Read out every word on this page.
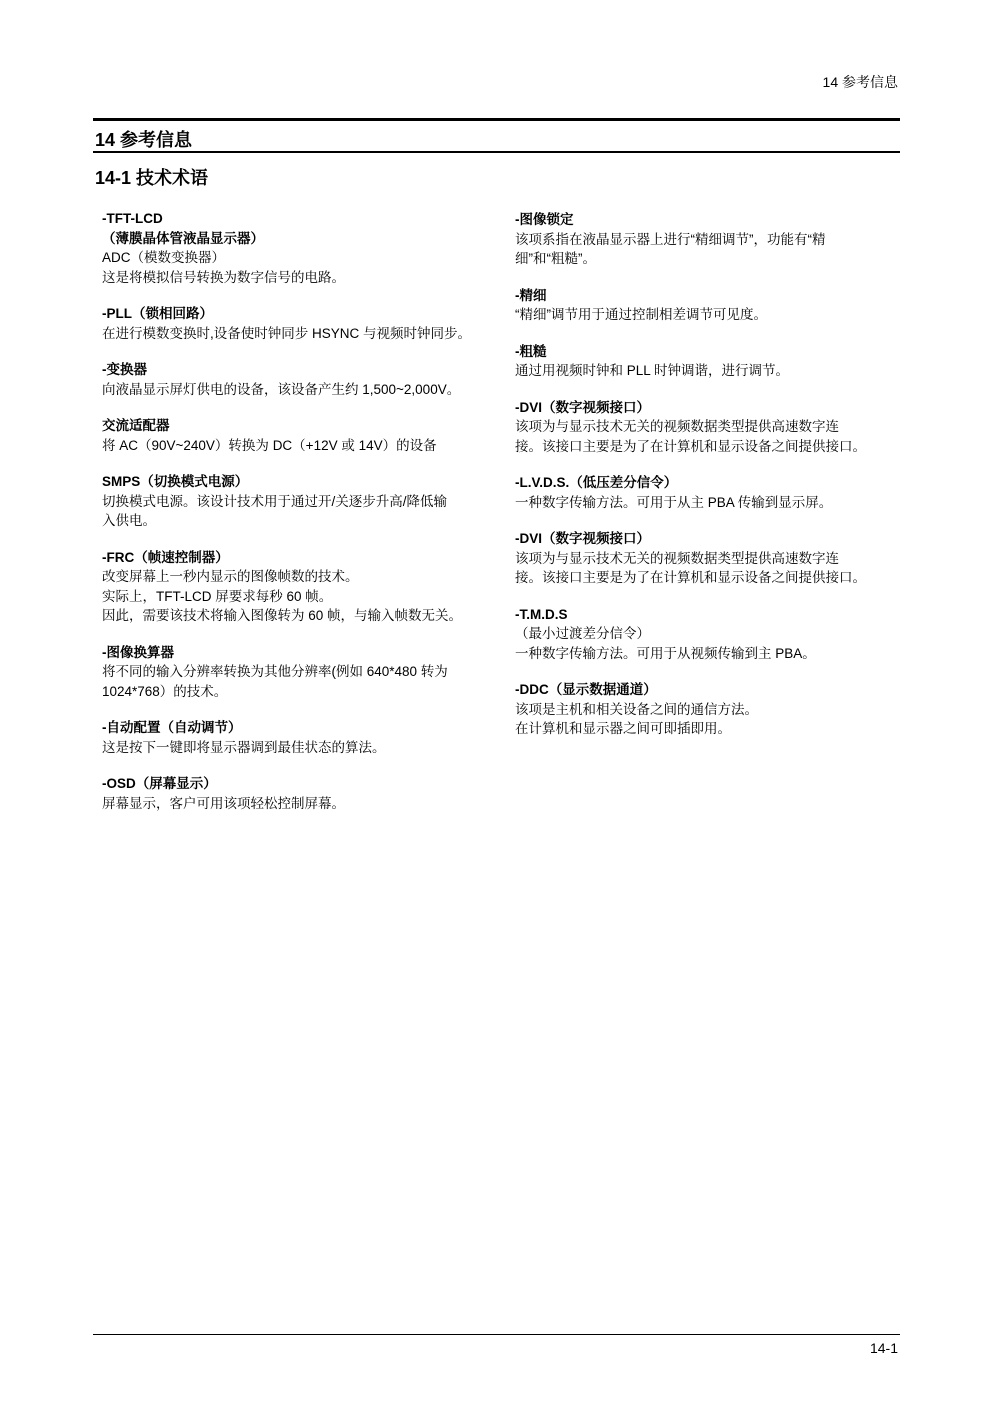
14 参考信息
14 参考信息
14-1 技术术语
-TFT-LCD
（薄膜晶体管液晶显示器）
ADC（模数变换器）
这是将模拟信号转换为数字信号的电路。
-PLL（锁相回路）
在进行模数变换时,设备使时钟同步 HSYNC 与视频时钟同步。
-变换器
向液晶显示屏灯供电的设备，该设备产生约 1,500~2,000V。
交流适配器
将 AC（90V~240V）转换为 DC（+12V 或 14V）的设备
SMPS（切换模式电源）
切换模式电源。该设计技术用于通过开/关逐步升高/降低输
入供电。
-FRC（帧速控制器）
改变屏幕上一秒内显示的图像帧数的技术。
实际上，TFT-LCD 屏要求每秒 60 帧。
因此，需要该技术将输入图像转为 60 帧，与输入帧数无关。
-图像换算器
将不同的输入分辨率转换为其他分辨率(例如 640*480 转为
1024*768）的技术。
-自动配置（自动调节）
这是按下一键即将显示器调到最佳状态的算法。
-OSD（屏幕显示）
屏幕显示，客户可用该项轻松控制屏幕。
-图像锁定
该项系指在液晶显示器上进行“精细调节”，功能有“精
细”和“粗糙”。
-精细
“精细”调节用于通过控制相差调节可见度。
-粗糙
通过用视频时钟和 PLL 时钟调谐，进行调节。
-DVI（数字视频接口）
该项为与显示技术无关的视频数据类型提供高速数字连
接。该接口主要是为了在计算机和显示设备之间提供接口。
-L.V.D.S.（低压差分信令）
一种数字传输方法。可用于从主 PBA 传输到显示屏。
-DVI（数字视频接口）
该项为与显示技术无关的视频数据类型提供高速数字连
接。该接口主要是为了在计算机和显示设备之间提供接口。
-T.M.D.S
（最小过渡差分信令）
一种数字传输方法。可用于从视频传输到主 PBA。
-DDC（显示数据通道）
该项是主机和相关设备之间的通信方法。
在计算机和显示器之间可即插即用。
14-1
